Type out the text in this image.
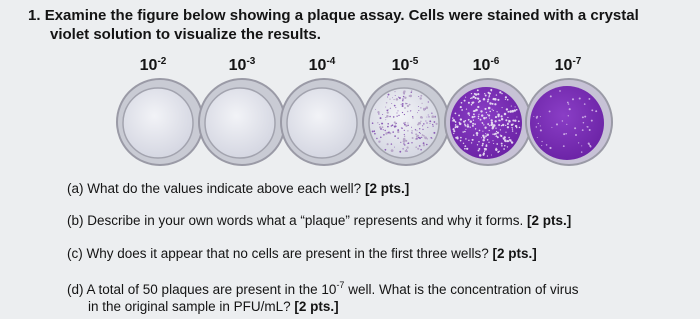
1. Examine the figure below showing a plaque assay. Cells were stained with a crystal
violet solution to visualize the results.
$10^{-2}$	$10^{-3}$	$10^{-4}$	$10^{-5}$	$10^{-6}$	$10^{-7}$
(a) What do the values indicate above each well? [2 pts.]
(b) Describe in your own words what a “plaque” represents and why it forms. [2 pts.]
(c) Why does it appear that no cells are present in the first three wells? [2 pts.]
(d) A total of 50 plaques are present in the $10^{-7}$ well. What is the concentration of virus
in the original sample in PFU/mL? [2 pts.]
